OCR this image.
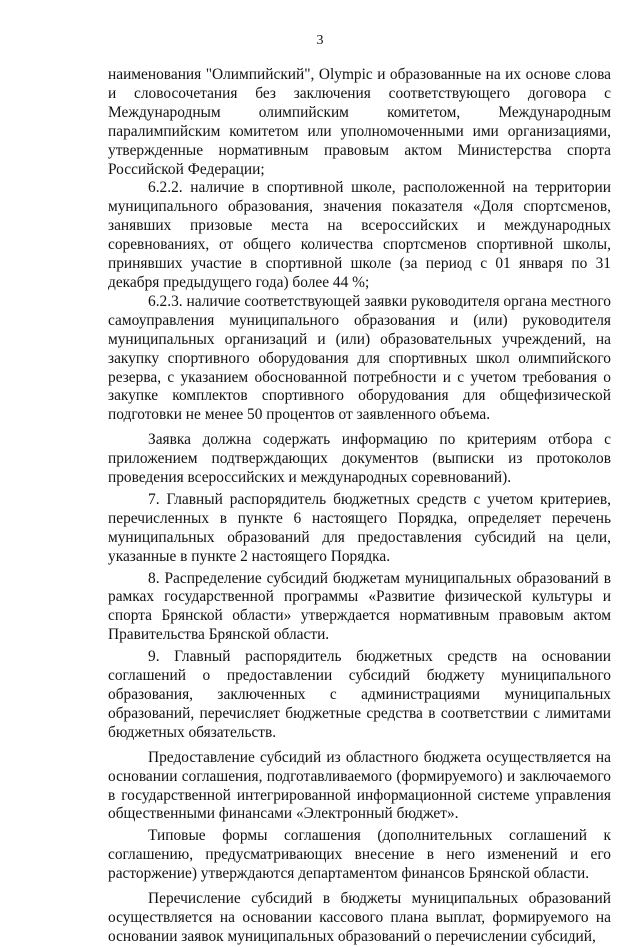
3

наименования "Олимпийский", Olympic и образованные на их основе слова и словосочетания без заключения соответствующего договора с Международным олимпийским комитетом, Международным паралимпийским комитетом или уполномоченными ими организациями, утвержденные нормативным правовым актом Министерства спорта Российской Федерации;

6.2.2. наличие в спортивной школе, расположенной на территории муниципального образования, значения показателя «Доля спортсменов, занявших призовые места на всероссийских и международных соревнованиях, от общего количества спортсменов спортивной школы, принявших участие в спортивной школе (за период с 01 января по 31 декабря предыдущего года) более 44 %;

6.2.3. наличие соответствующей заявки руководителя органа местного самоуправления муниципального образования и (или) руководителя муниципальных организаций и (или) образовательных учреждений, на закупку спортивного оборудования для спортивных школ олимпийского резерва, с указанием обоснованной потребности и с учетом требования о закупке комплектов спортивного оборудования для общефизической подготовки не менее 50 процентов от заявленного объема.

Заявка должна содержать информацию по критериям отбора с приложением подтверждающих документов (выписки из протоколов проведения всероссийских и международных соревнований).

7. Главный распорядитель бюджетных средств с учетом критериев, перечисленных в пункте 6 настоящего Порядка, определяет перечень муниципальных образований для предоставления субсидий на цели, указанные в пункте 2 настоящего Порядка.

8. Распределение субсидий бюджетам муниципальных образований в рамках государственной программы «Развитие физической культуры и спорта Брянской области» утверждается нормативным правовым актом Правительства Брянской области.

9. Главный распорядитель бюджетных средств на основании соглашений о предоставлении субсидий бюджету муниципального образования, заключенных с администрациями муниципальных образований, перечисляет бюджетные средства в соответствии с лимитами бюджетных обязательств.

Предоставление субсидий из областного бюджета осуществляется на основании соглашения, подготавливаемого (формируемого) и заключаемого в государственной интегрированной информационной системе управления общественными финансами «Электронный бюджет».

Типовые формы соглашения (дополнительных соглашений к соглашению, предусматривающих внесение в него изменений и его расторжение) утверждаются департаментом финансов Брянской области.

Перечисление субсидий в бюджеты муниципальных образований осуществляется на основании кассового плана выплат, формируемого на основании заявок муниципальных образований о перечислении субсидий,
